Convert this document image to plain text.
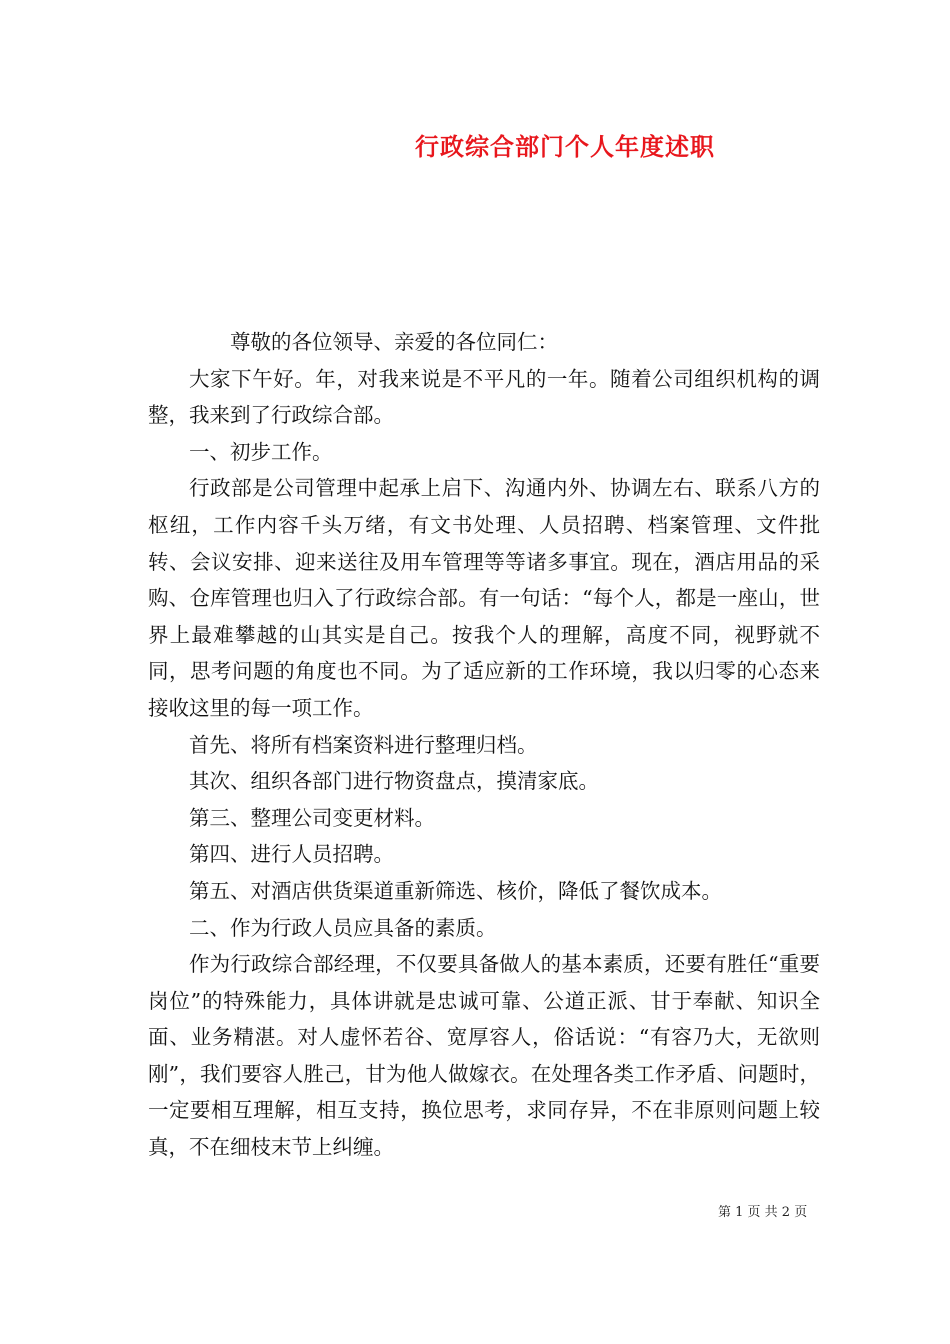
行政综合部门个人年度述职

尊敬的各位领导、亲爱的各位同仁：

大家下午好。年，对我来说是不平凡的一年。随着公司组织机构的调整，我来到了行政综合部。

一、初步工作。

行政部是公司管理中起承上启下、沟通内外、协调左右、联系八方的枢纽，工作内容千头万绪，有文书处理、人员招聘、档案管理、文件批转、会议安排、迎来送往及用车管理等等诸多事宜。现在，酒店用品的采购、仓库管理也归入了行政综合部。有一句话：“每个人，都是一座山，世界上最难攀越的山其实是自己。按我个人的理解，高度不同，视野就不同，思考问题的角度也不同。为了适应新的工作环境，我以归零的心态来接收这里的每一项工作。

首先、将所有档案资料进行整理归档。

其次、组织各部门进行物资盘点，摸清家底。

第三、整理公司变更材料。

第四、进行人员招聘。

第五、对酒店供货渠道重新筛选、核价，降低了餐饮成本。

二、作为行政人员应具备的素质。

作为行政综合部经理，不仅要具备做人的基本素质，还要有胜任“重要岗位”的特殊能力，具体讲就是忠诚可靠、公道正派、甘于奉献、知识全面、业务精湛。对人虚怀若谷、宽厚容人，俗话说：“有容乃大，无欲则刚”，我们要容人胜己，甘为他人做嫁衣。在处理各类工作矛盾、问题时，一定要相互理解，相互支持，换位思考，求同存异，不在非原则问题上较真，不在细枝末节上纠缠。

第 1 页 共 2 页
